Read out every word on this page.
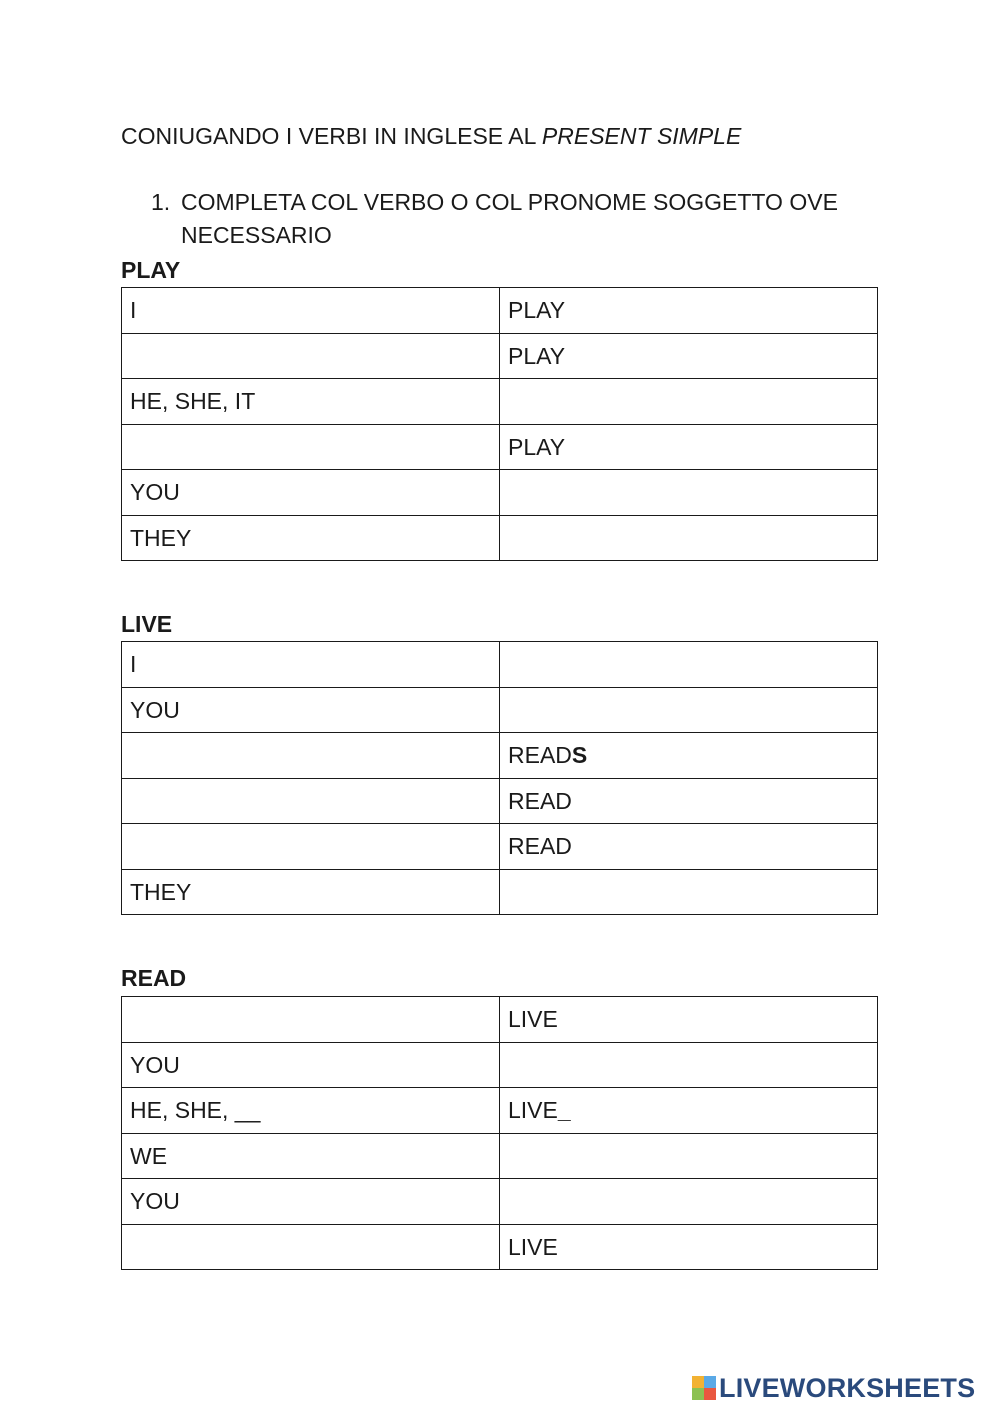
CONIUGANDO I VERBI IN INGLESE AL PRESENT SIMPLE
1. COMPLETA COL VERBO O COL PRONOME SOGGETTO OVE NECESSARIO
PLAY
I	PLAY
	PLAY
HE, SHE, IT	
	PLAY
YOU	
THEY	
LIVE
I	
YOU	
	READS
	READ
	READ
THEY	
READ
	LIVE
YOU	
HE, SHE, __	LIVE_
WE	
YOU	
	LIVE
LIVEWORKSHEETS
